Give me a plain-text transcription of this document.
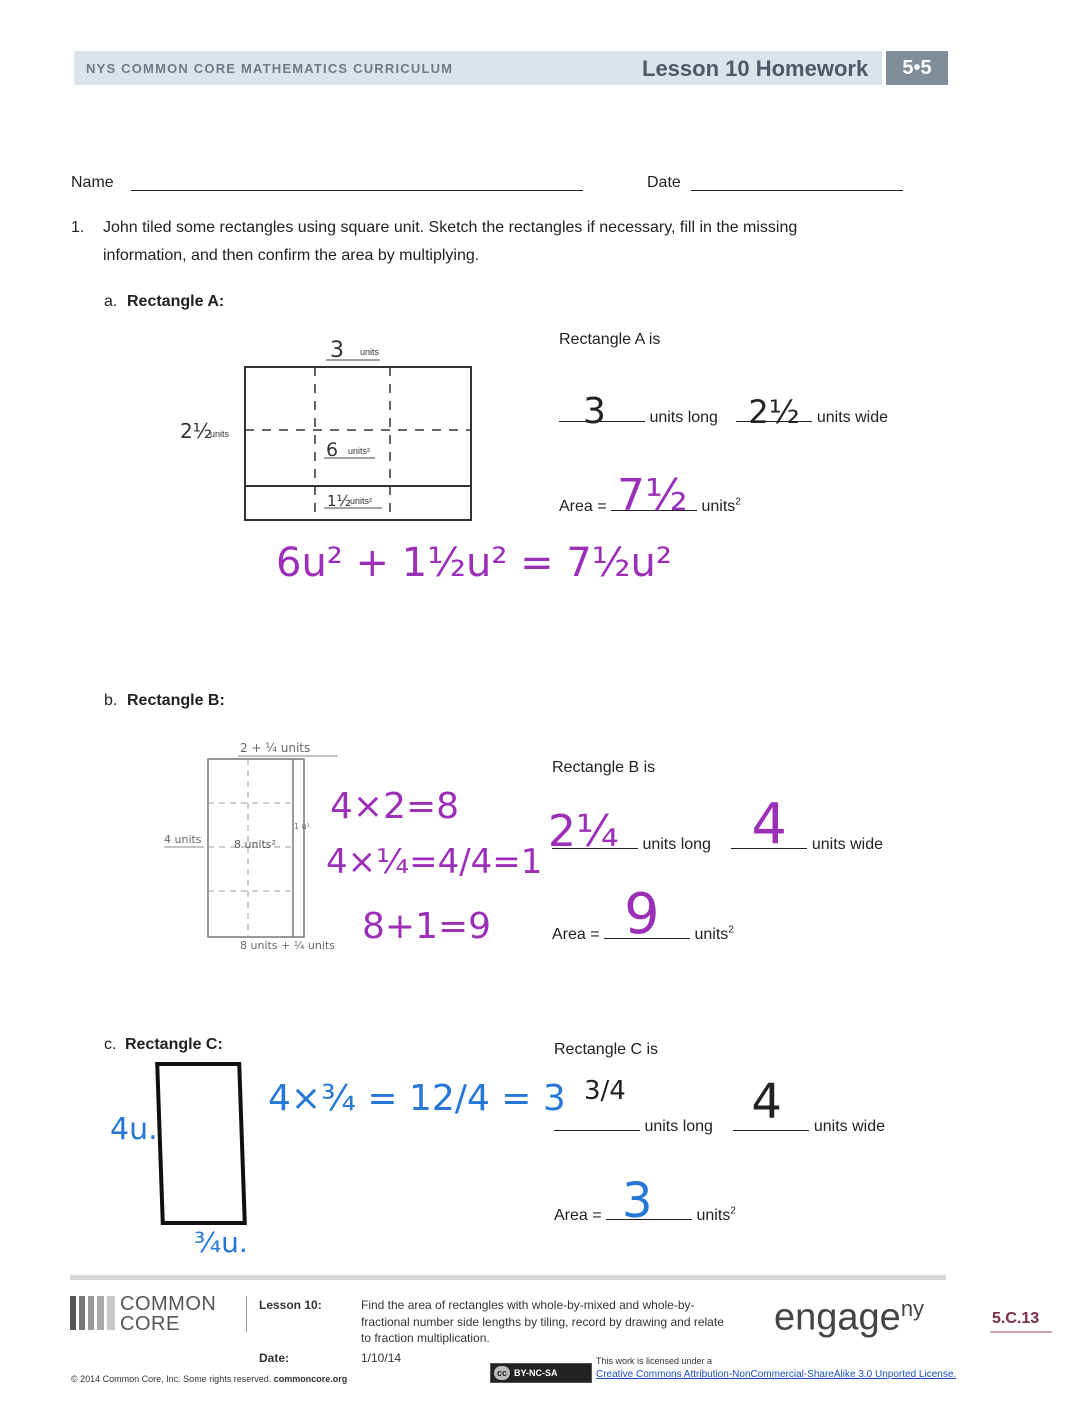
NYS COMMON CORE MATHEMATICS CURRICULUM	Lesson 10 Homework	5•5
Name	Date
1. John tiled some rectangles using square unit. Sketch the rectangles if necessary, fill in the missing
information, and then confirm the area by multiplying.
a. Rectangle A:
3 units
2½
units
6 units²
1½
units²
6u² + 1½u² = 7½u²
Rectangle A is
3	units long 2½ units wide
Area = 7½ units$^2$
b. Rectangle B:
2 + ¼ units
4 units	8 units²
1 u²
8 units + ¼ units
4×2=8
4×¼=4/4=1
8+1=9
Rectangle B is
2¼ units long 4 units wide
Area = 9 units$^2$
c. Rectangle C:
4u.
¾u.
4×¾ = 12/4 = 3
Rectangle C is
3/4
units long 4 units wide
Area = 3	units$^2$
COMMON
CORE
Lesson 10:	Find the area of rectangles with whole-by-mixed and whole-by-
fractional number side lengths by tiling, record by drawing and relate
to fraction multiplication.
Date:	1/10/14
engage$^{ny}$	5.C.13
© 2014 Common Core, Inc. Some rights reserved. commoncore.org
cc BY-NC-SA
This work is licensed under a
Creative Commons Attribution-NonCommercial-ShareAlike 3.0 Unported License.
